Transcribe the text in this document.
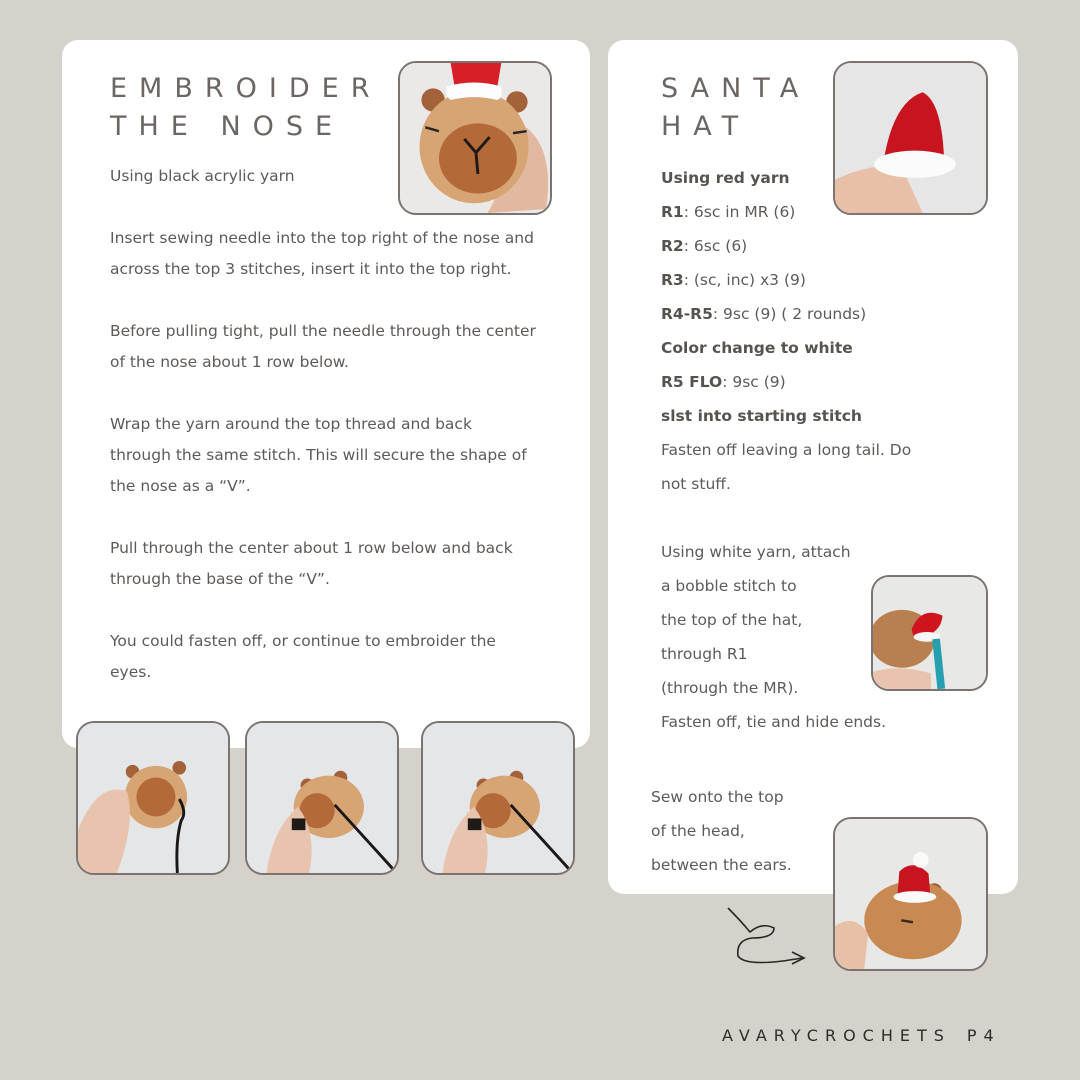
EMBROIDER
THE NOSE
Using black acrylic yarn

Insert sewing needle into the top right of the nose and

across the top 3 stitches, insert it into the top right.

Before pulling tight, pull the needle through the center

of the nose about 1 row below.

Wrap the yarn around the top thread and back

through the same stitch. This will secure the shape of

the nose as a “V”.

Pull through the center about 1 row below and back

through the base of the “V”.

You could fasten off, or continue to embroider the

eyes.

SANTA
HAT

Using red yarn

R1: 6sc in MR (6)

R2: 6sc (6)

R3: (sc, inc) x3 (9)

R4-R5: 9sc (9) ( 2 rounds)

Color change to white

R5 FLO: 9sc (9)

slst into starting stitch

Fasten off leaving a long tail. Do

not stuff.

Using white yarn, attach

a bobble stitch to

the top of the hat,

through R1

(through the MR).

Fasten off, tie and hide ends.

Sew onto the top

of the head,

between the ears.

AVARYCROCHETS P4
